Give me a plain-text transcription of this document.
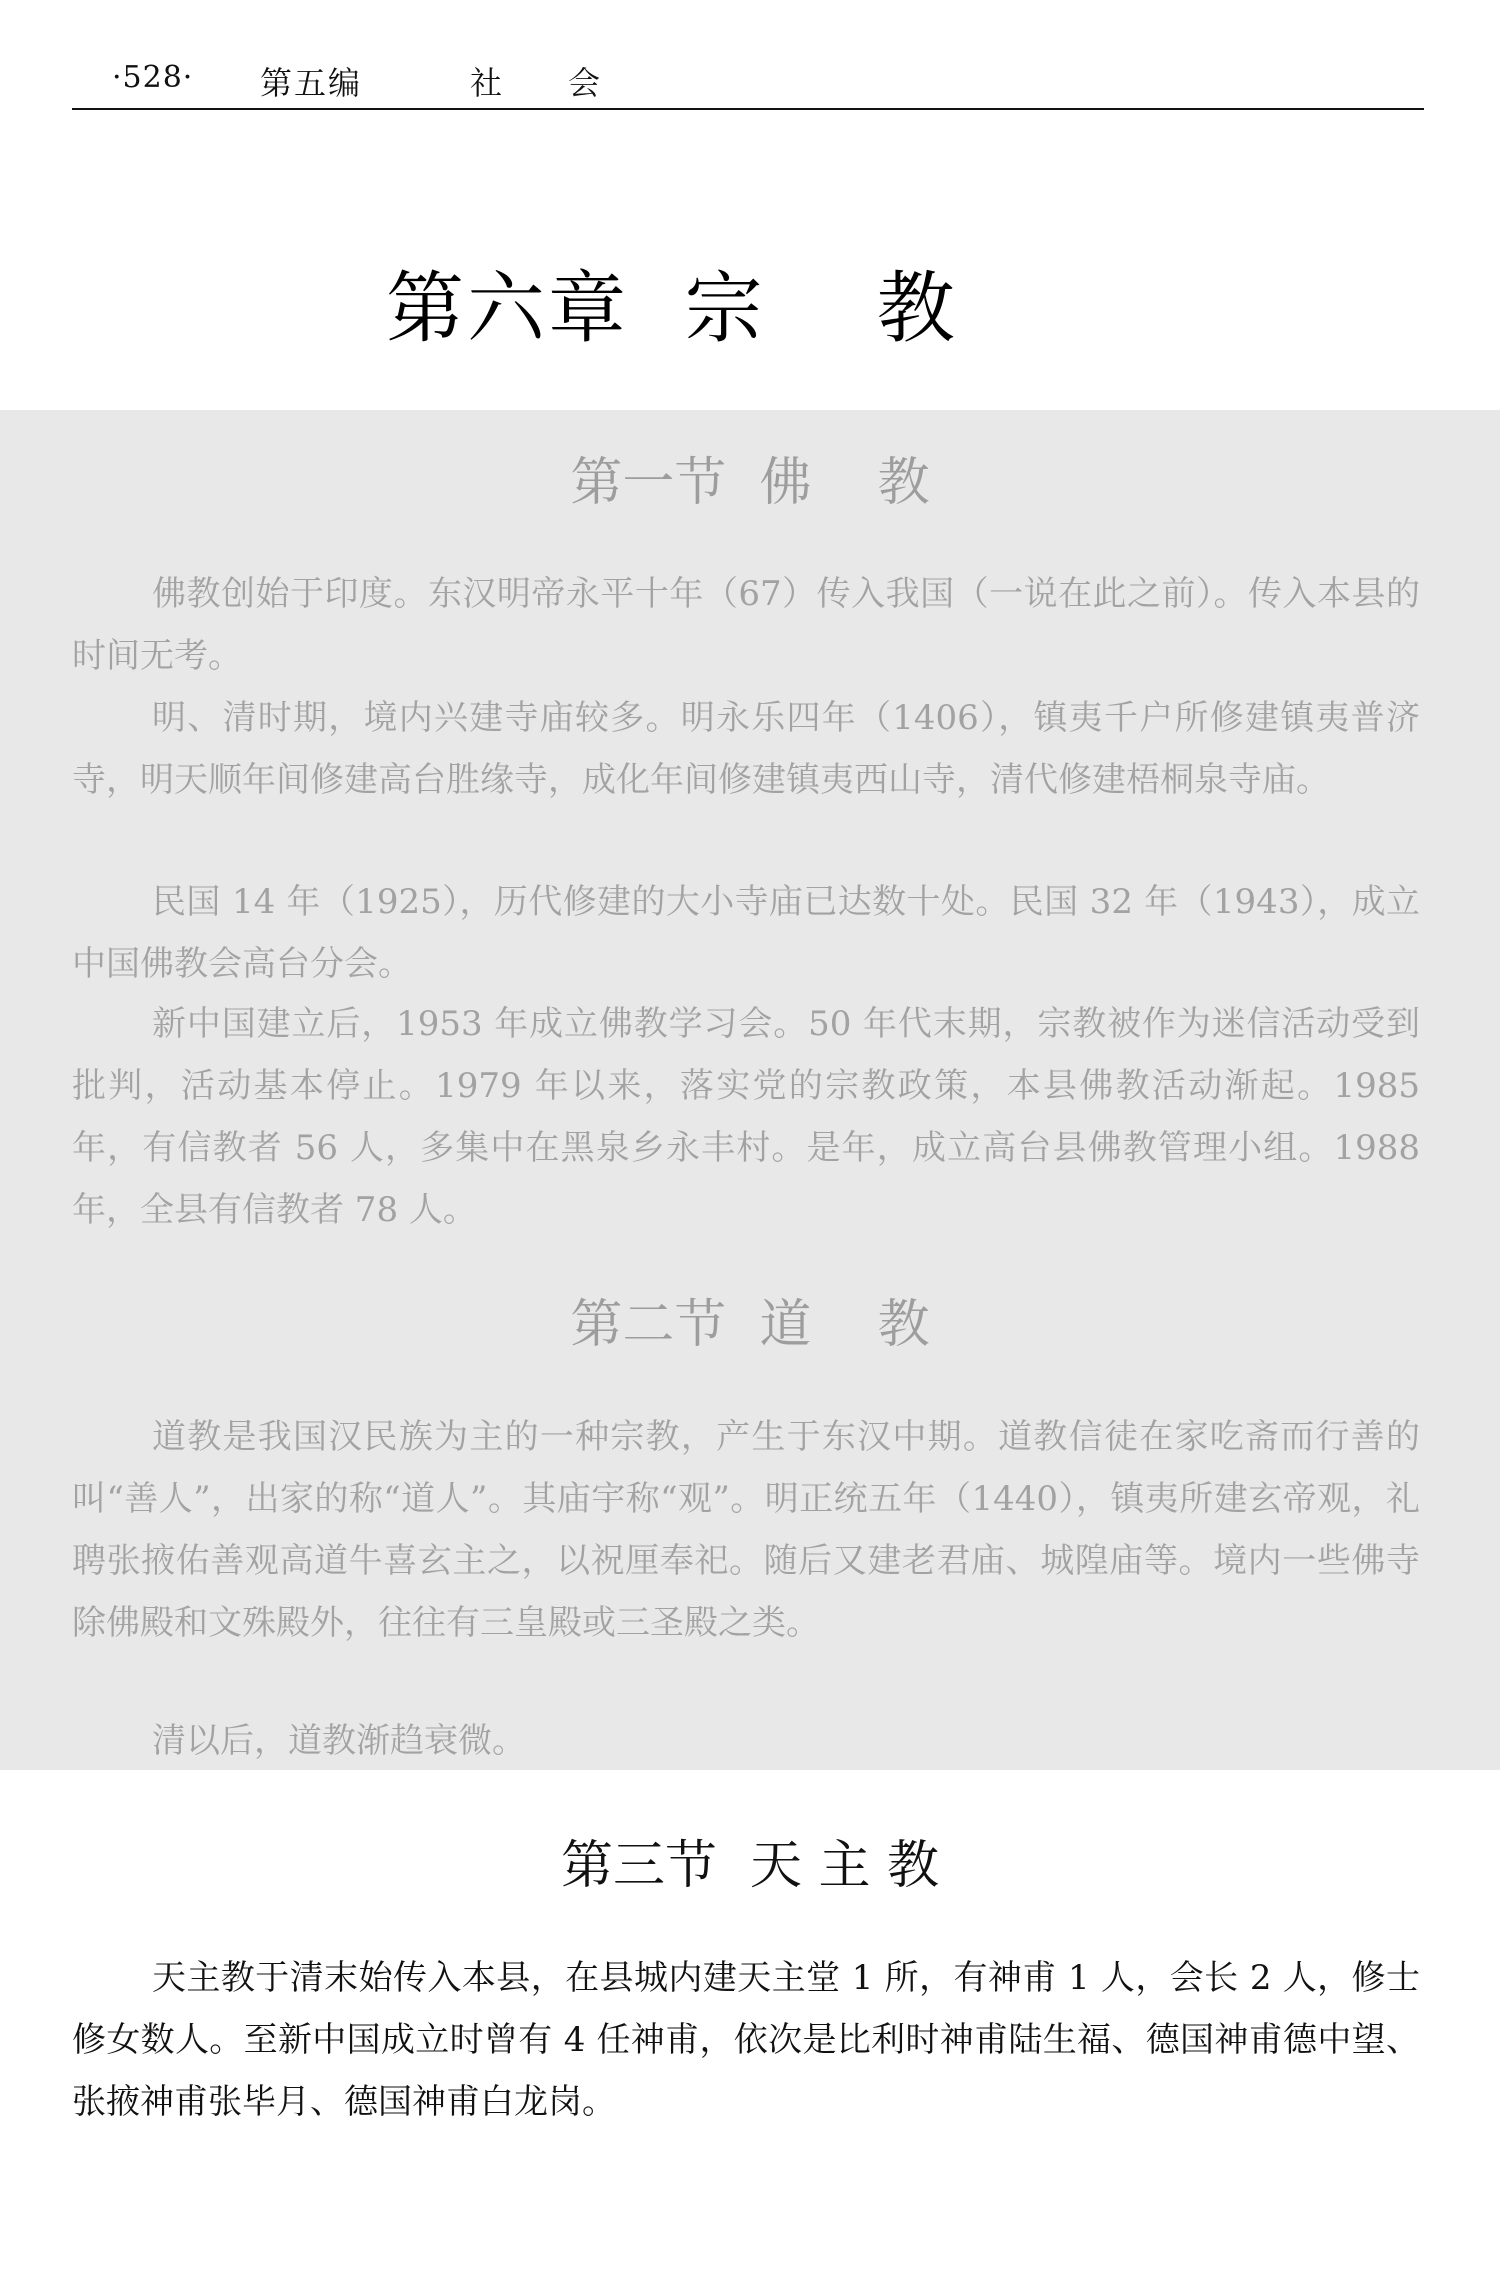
·528· 第五编	社会
第六章  宗    教
第一节  佛    教

佛教创始于印度。东汉明帝永平十年（67）传入我国（一说在此之前）。传入本县的时间无考。

明、清时期，境内兴建寺庙较多。明永乐四年（1406），镇夷千户所修建镇夷普济寺，明天顺年间修建高台胜缘寺，成化年间修建镇夷西山寺，清代修建梧桐泉寺庙。

民国 14 年（1925），历代修建的大小寺庙已达数十处。民国 32 年（1943），成立中国佛教会高台分会。

新中国建立后，1953 年成立佛教学习会。50 年代末期，宗教被作为迷信活动受到批判，活动基本停止。1979 年以来，落实党的宗教政策，本县佛教活动渐起。1985 年，有信教者 56 人，多集中在黑泉乡永丰村。是年，成立高台县佛教管理小组。1988 年，全县有信教者 78 人。

第二节  道    教

道教是我国汉民族为主的一种宗教，产生于东汉中期。道教信徒在家吃斋而行善的叫“善人”，出家的称“道人”。其庙宇称“观”。明正统五年（1440），镇夷所建玄帝观，礼聘张掖佑善观高道牛喜玄主之，以祝厘奉祀。随后又建老君庙、城隍庙等。境内一些佛寺除佛殿和文殊殿外，往往有三皇殿或三圣殿之类。

清以后，道教渐趋衰微。

第三节  天 主 教

天主教于清末始传入本县，在县城内建天主堂 1 所，有神甫 1 人，会长 2 人，修士修女数人。至新中国成立时曾有 4 任神甫，依次是比利时神甫陆生福、德国神甫德中望、张掖神甫张毕月、德国神甫白龙岗。
